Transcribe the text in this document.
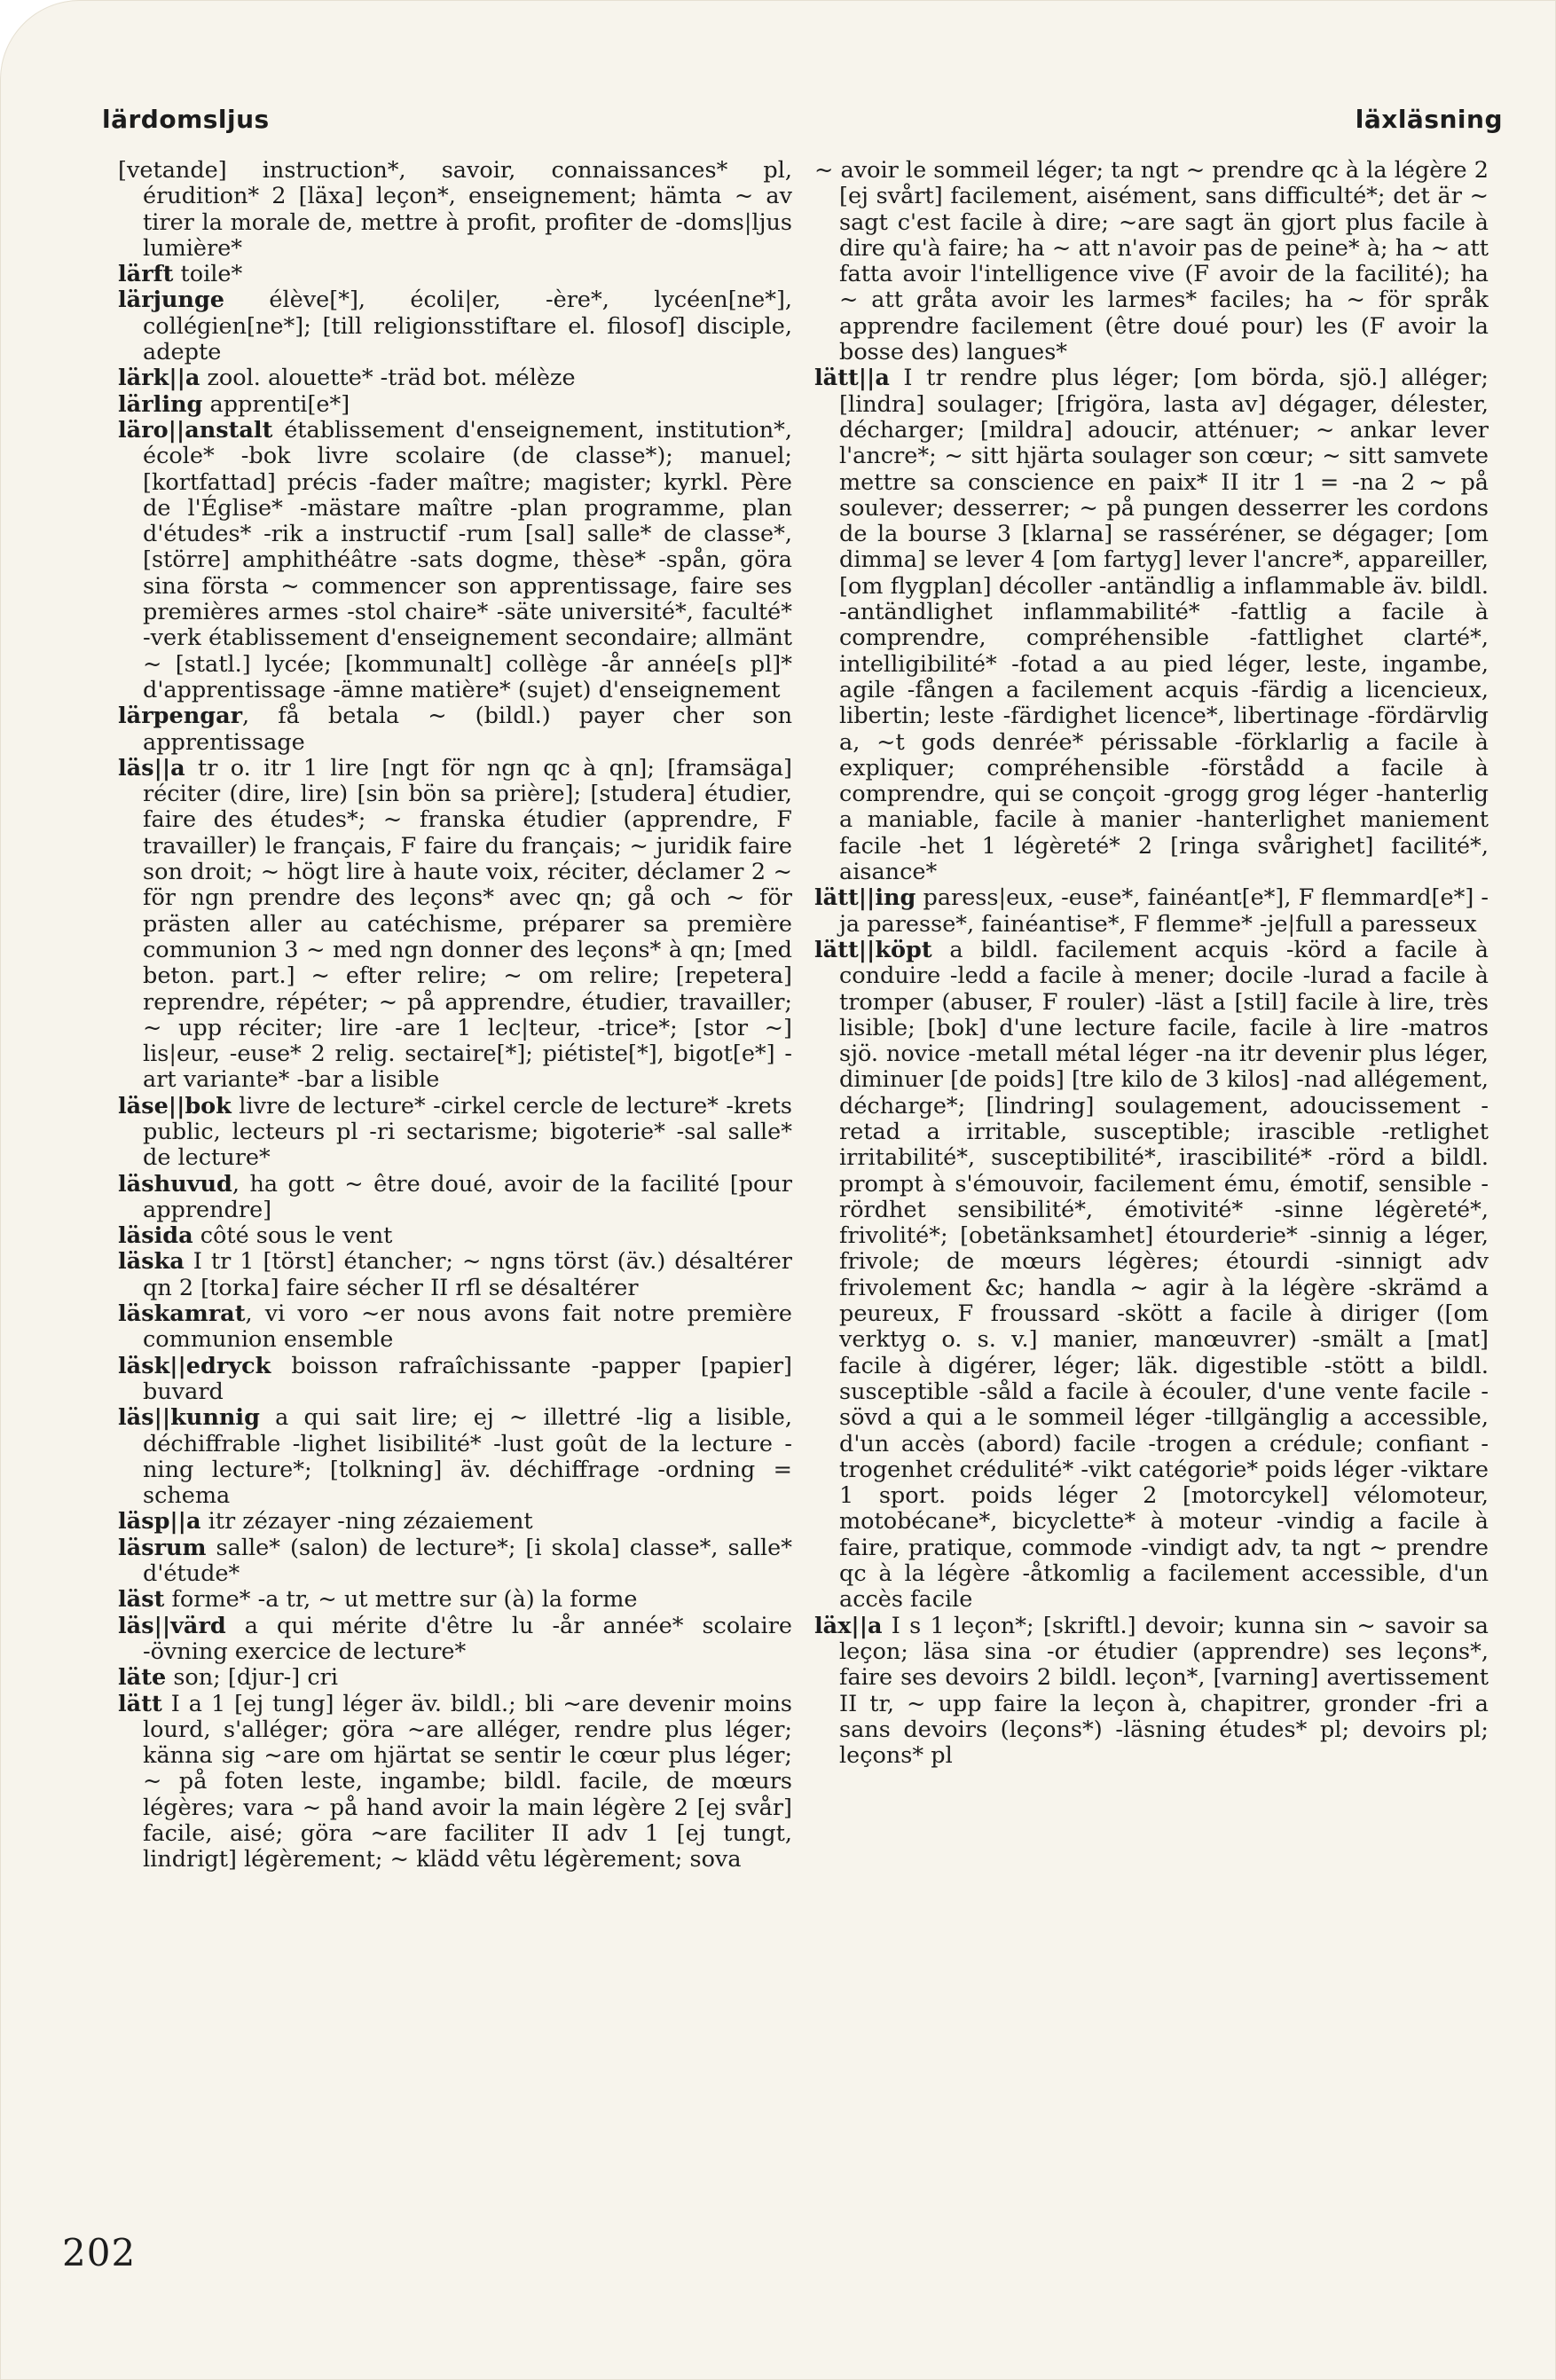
lärdomsljus	läxläsning

[vetande] instruction*, savoir, connaissances* pl, érudition* 2 [läxa] leçon*, enseignement; hämta ~ av tirer la morale de, mettre à profit, profiter de -doms|ljus lumière*

lärft toile*

lärjunge élève[*], écoli|er, -ère*, lycéen[ne*], collégien[ne*]; [till religionsstiftare el. filosof] disciple, adepte

lärk||a zool. alouette* -träd bot. mélèze

lärling apprenti[e*]

läro||anstalt établissement d'enseignement, institution*, école* -bok livre scolaire (de classe*); manuel; [kortfattad] précis -fader maître; magister; kyrkl. Père de l'Église* -mästare maître -plan programme, plan d'études* -rik a instructif -rum [sal] salle* de classe*, [större] amphithéâtre -sats dogme, thèse* -spån, göra sina första ~ commencer son apprentissage, faire ses premières armes -stol chaire* -säte université*, faculté* -verk établissement d'enseignement secondaire; allmänt ~ [statl.] lycée; [kommunalt] collège -år année[s pl]* d'apprentissage -ämne matière* (sujet) d'enseignement

lärpengar, få betala ~ (bildl.) payer cher son apprentissage

läs||a tr o. itr 1 lire [ngt för ngn qc à qn]; [framsäga] réciter (dire, lire) [sin bön sa prière]; [studera] étudier, faire des études*; ~ franska étudier (apprendre, F travailler) le français, F faire du français; ~ juridik faire son droit; ~ högt lire à haute voix, réciter, déclamer 2 ~ för ngn prendre des leçons* avec qn; gå och ~ för prästen aller au catéchisme, préparer sa première communion 3 ~ med ngn donner des leçons* à qn; [med beton. part.] ~ efter relire; ~ om relire; [repetera] reprendre, répéter; ~ på apprendre, étudier, travailler; ~ upp réciter; lire -are 1 lec|teur, -trice*; [stor ~] lis|eur, -euse* 2 relig. sectaire[*]; piétiste[*], bigot[e*] -art variante* -bar a lisible

läse||bok livre de lecture* -cirkel cercle de lecture* -krets public, lecteurs pl -ri sectarisme; bigoterie* -sal salle* de lecture*

läshuvud, ha gott ~ être doué, avoir de la facilité [pour apprendre]

läsida côté sous le vent

läska I tr 1 [törst] étancher; ~ ngns törst (äv.) désaltérer qn 2 [torka] faire sécher II rfl se désaltérer

läskamrat, vi voro ~er nous avons fait notre première communion ensemble

läsk||edryck boisson rafraîchissante -papper [papier] buvard

läs||kunnig a qui sait lire; ej ~ illettré -lig a lisible, déchiffrable -lighet lisibilité* -lust goût de la lecture -ning lecture*; [tolkning] äv. déchiffrage -ordning = schema

läsp||a itr zézayer -ning zézaiement

läsrum salle* (salon) de lecture*; [i skola] classe*, salle* d'étude*

läst forme* -a tr, ~ ut mettre sur (à) la forme

läs||värd a qui mérite d'être lu -år année* scolaire -övning exercice de lecture*

läte son; [djur-] cri

lätt I a 1 [ej tung] léger äv. bildl.; bli ~are devenir moins lourd, s'alléger; göra ~are alléger, rendre plus léger; känna sig ~are om hjärtat se sentir le cœur plus léger; ~ på foten leste, ingambe; bildl. facile, de mœurs légères; vara ~ på hand avoir la main légère 2 [ej svår] facile, aisé; göra ~are faciliter II adv 1 [ej tungt, lindrigt] légèrement; ~ klädd vêtu légèrement; sova

~ avoir le sommeil léger; ta ngt ~ prendre qc à la légère 2 [ej svårt] facilement, aisément, sans difficulté*; det är ~ sagt c'est facile à dire; ~are sagt än gjort plus facile à dire qu'à faire; ha ~ att n'avoir pas de peine* à; ha ~ att fatta avoir l'intelligence vive (F avoir de la facilité); ha ~ att gråta avoir les larmes* faciles; ha ~ för språk apprendre facilement (être doué pour) les (F avoir la bosse des) langues*

lätt||a I tr rendre plus léger; [om börda, sjö.] alléger; [lindra] soulager; [frigöra, lasta av] dégager, délester, décharger; [mildra] adoucir, atténuer; ~ ankar lever l'ancre*; ~ sitt hjärta soulager son cœur; ~ sitt samvete mettre sa conscience en paix* II itr 1 = -na 2 ~ på soulever; desserrer; ~ på pungen desserrer les cordons de la bourse 3 [klarna] se rasséréner, se dégager; [om dimma] se lever 4 [om fartyg] lever l'ancre*, appareiller, [om flygplan] décoller -antändlig a inflammable äv. bildl. -antändlighet inflammabilité* -fattlig a facile à comprendre, compréhensible -fattlighet clarté*, intelligibilité* -fotad a au pied léger, leste, ingambe, agile -fången a facilement acquis -färdig a licencieux, libertin; leste -färdighet licence*, libertinage -fördärvlig a, ~t gods denrée* périssable -förklarlig a facile à expliquer; compréhensible -förstådd a facile à comprendre, qui se conçoit -grogg grog léger -hanterlig a maniable, facile à manier -hanterlighet maniement facile -het 1 légèreté* 2 [ringa svårighet] facilité*, aisance*

lätt||ing paress|eux, -euse*, fainéant[e*], F flemmard[e*] -ja paresse*, fainéantise*, F flemme* -je|full a paresseux

lätt||köpt a bildl. facilement acquis -körd a facile à conduire -ledd a facile à mener; docile -lurad a facile à tromper (abuser, F rouler) -läst a [stil] facile à lire, très lisible; [bok] d'une lecture facile, facile à lire -matros sjö. novice -metall métal léger -na itr devenir plus léger, diminuer [de poids] [tre kilo de 3 kilos] -nad allégement, décharge*; [lindring] soulagement, adoucissement -retad a irritable, susceptible; irascible -retlighet irritabilité*, susceptibilité*, irascibilité* -rörd a bildl. prompt à s'émouvoir, facilement ému, émotif, sensible -rördhet sensibilité*, émotivité* -sinne légèreté*, frivolité*; [obetänksamhet] étourderie* -sinnig a léger, frivole; de mœurs légères; étourdi -sinnigt adv frivolement &c; handla ~ agir à la légère -skrämd a peureux, F froussard -skött a facile à diriger ([om verktyg o. s. v.] manier, manœuvrer) -smält a [mat] facile à digérer, léger; läk. digestible -stött a bildl. susceptible -såld a facile à écouler, d'une vente facile -sövd a qui a le sommeil léger -tillgänglig a accessible, d'un accès (abord) facile -trogen a crédule; confiant -trogenhet crédulité* -vikt catégorie* poids léger -viktare 1 sport. poids léger 2 [motorcykel] vélomoteur, motobécane*, bicyclette* à moteur -vindig a facile à faire, pratique, commode -vindigt adv, ta ngt ~ prendre qc à la légère -åtkomlig a facilement accessible, d'un accès facile

läx||a I s 1 leçon*; [skriftl.] devoir; kunna sin ~ savoir sa leçon; läsa sina -or étudier (apprendre) ses leçons*, faire ses devoirs 2 bildl. leçon*, [varning] avertissement II tr, ~ upp faire la leçon à, chapitrer, gronder -fri a sans devoirs (leçons*) -läsning études* pl; devoirs pl; leçons* pl

202
